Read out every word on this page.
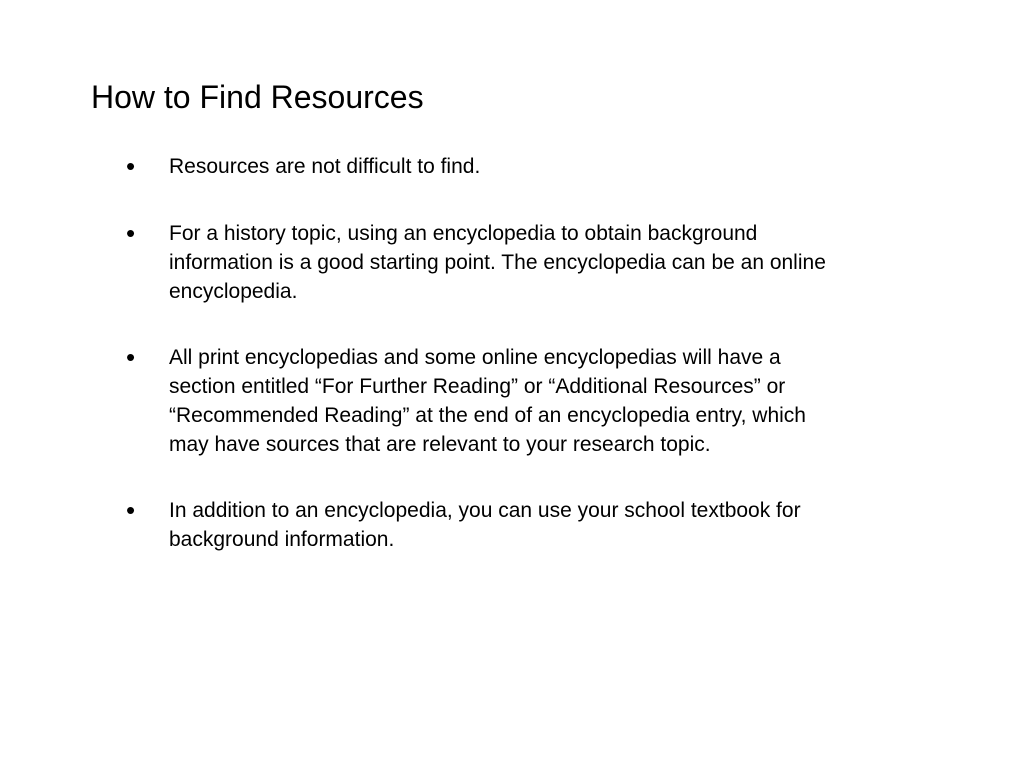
How to Find Resources
• Resources are not difficult to find.
• For a history topic, using an encyclopedia to obtain background
information is a good starting point. The encyclopedia can be an online
encyclopedia.
• All print encyclopedias and some online encyclopedias will have a
section entitled “For Further Reading” or “Additional Resources” or
“Recommended Reading” at the end of an encyclopedia entry, which
may have sources that are relevant to your research topic.
• In addition to an encyclopedia, you can use your school textbook for
background information.
